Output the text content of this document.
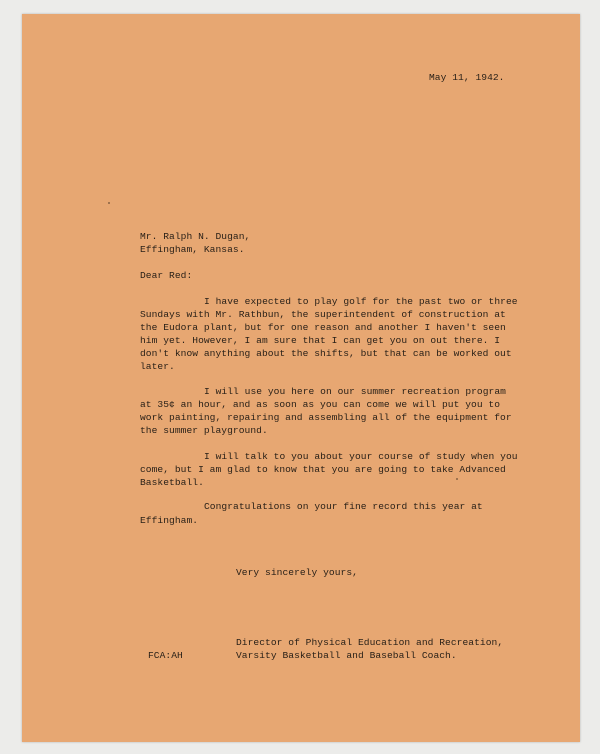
May 11, 1942.
Mr. Ralph N. Dugan,
Effingham, Kansas.
Dear Red:
I have expected to play golf for the past two or three
Sundays with Mr. Rathbun, the superintendent of construction at
the Eudora plant, but for one reason and another I haven't seen
him yet. However, I am sure that I can get you on out there. I
don't know anything about the shifts, but that can be worked out
later.
I will use you here on our summer recreation program
at 35¢ an hour, and as soon as you can come we will put you to
work painting, repairing and assembling all of the equipment for
the summer playground.
I will talk to you about your course of study when you
come, but I am glad to know that you are going to take Advanced
Basketball.
Congratulations on your fine record this year at
Effingham.
Very sincerely yours,
Director of Physical Education and Recreation,
FCA:AH	Varsity Basketball and Baseball Coach.
